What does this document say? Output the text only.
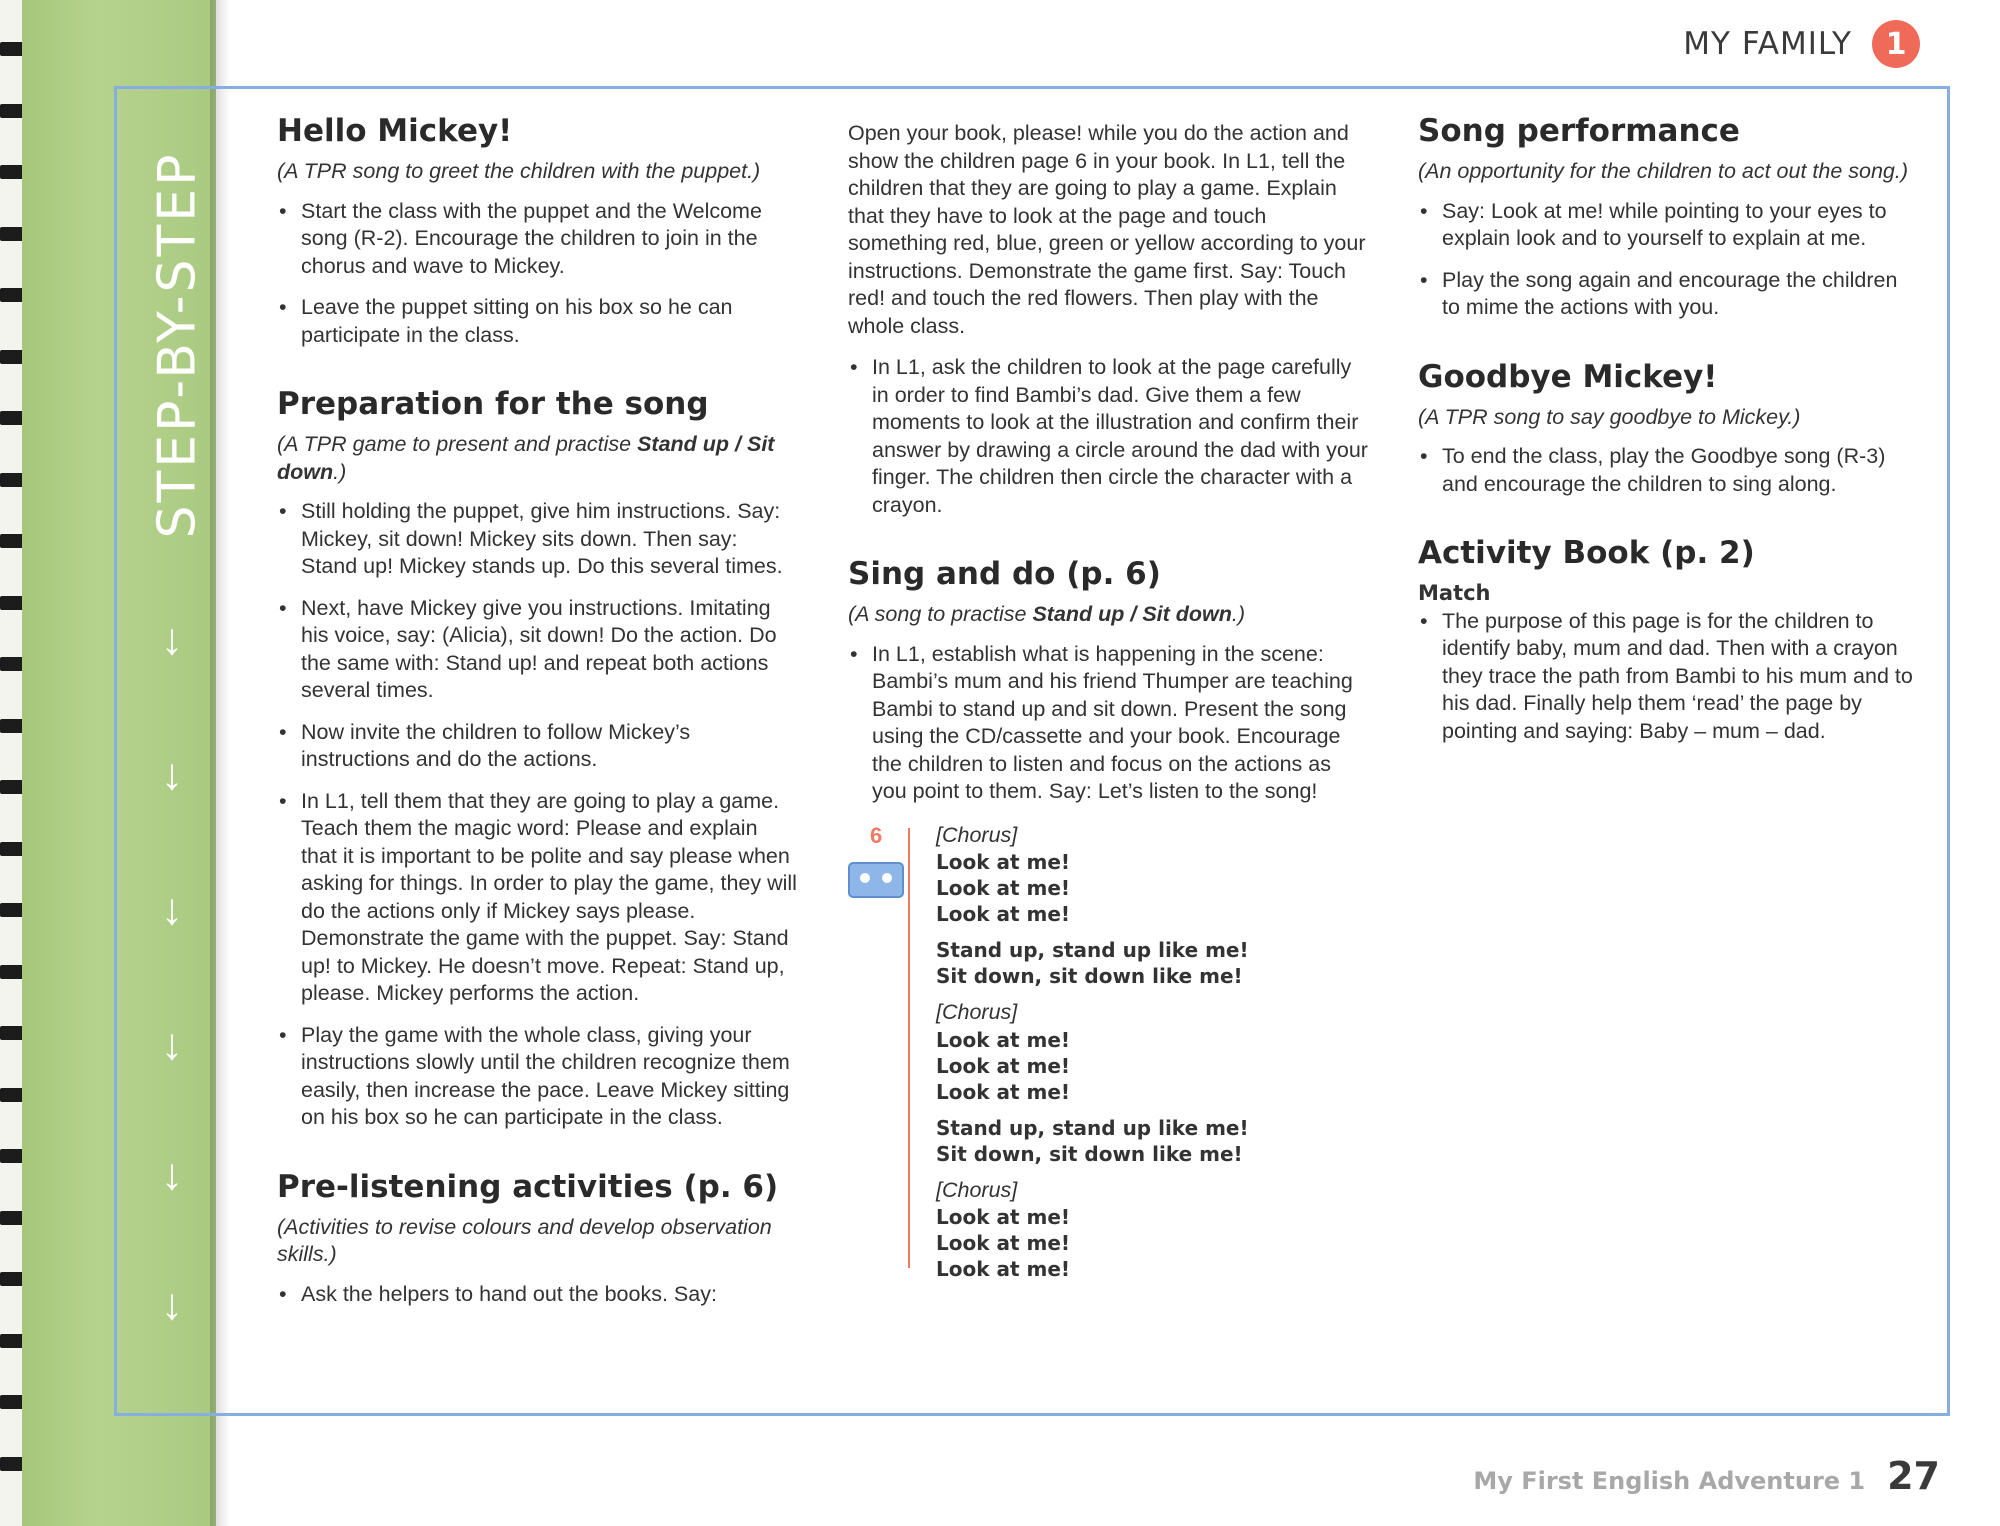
STEP-BY-STEP
↓
↓
↓
↓
↓
↓
MY FAMILY	1
Hello Mickey!

(A TPR song to greet the children with the puppet.)

• Start the class with the puppet and the Welcome song (R-2). Encourage the children to join in the chorus and wave to Mickey.
• Leave the puppet sitting on his box so he can participate in the class.
Preparation for the song

(A TPR game to present and practise Stand up / Sit down.)

• Still holding the puppet, give him instructions. Say: Mickey, sit down! Mickey sits down. Then say: Stand up! Mickey stands up. Do this several times.
• Next, have Mickey give you instructions. Imitating his voice, say: (Alicia), sit down! Do the action. Do the same with: Stand up! and repeat both actions several times.
• Now invite the children to follow Mickey’s instructions and do the actions.
• In L1, tell them that they are going to play a game. Teach them the magic word: Please and explain that it is important to be polite and say please when asking for things. In order to play the game, they will do the actions only if Mickey says please. Demonstrate the game with the puppet. Say: Stand up! to Mickey. He doesn’t move. Repeat: Stand up, please. Mickey performs the action.
• Play the game with the whole class, giving your instructions slowly until the children recognize them easily, then increase the pace. Leave Mickey sitting on his box so he can participate in the class.
Pre-listening activities (p. 6)

(Activities to revise colours and develop observation skills.)

• Ask the helpers to hand out the books. Say:

Open your book, please! while you do the action and show the children page 6 in your book. In L1, tell the children that they are going to play a game. Explain that they have to look at the page and touch something red, blue, green or yellow according to your instructions. Demonstrate the game first. Say: Touch red! and touch the red flowers. Then play with the whole class.

• In L1, ask the children to look at the page carefully in order to find Bambi’s dad. Give them a few moments to look at the illustration and confirm their answer by drawing a circle around the dad with your finger. The children then circle the character with a crayon.
Sing and do (p. 6)

(A song to practise Stand up / Sit down.)

• In L1, establish what is happening in the scene: Bambi’s mum and his friend Thumper are teaching Bambi to stand up and sit down. Present the song using the CD/cassette and your book. Encourage the children to listen and focus on the actions as you point to them. Say: Let’s listen to the song!
6	[Chorus]

Look at me!

Look at me!

Look at me!

Stand up, stand up like me!

Sit down, sit down like me!

[Chorus]

Look at me!

Look at me!

Look at me!

Stand up, stand up like me!

Sit down, sit down like me!

[Chorus]

Look at me!

Look at me!

Look at me!

Song performance

(An opportunity for the children to act out the song.)

• Say: Look at me! while pointing to your eyes to explain look and to yourself to explain at me.
• Play the song again and encourage the children to mime the actions with you.
Goodbye Mickey!

(A TPR song to say goodbye to Mickey.)

• To end the class, play the Goodbye song (R-3) and encourage the children to sing along.
Activity Book (p. 2)

Match

• The purpose of this page is for the children to identify baby, mum and dad. Then with a crayon they trace the path from Bambi to his mum and to his dad. Finally help them ‘read’ the page by pointing and saying: Baby – mum – dad.
My First English Adventure 1 27
